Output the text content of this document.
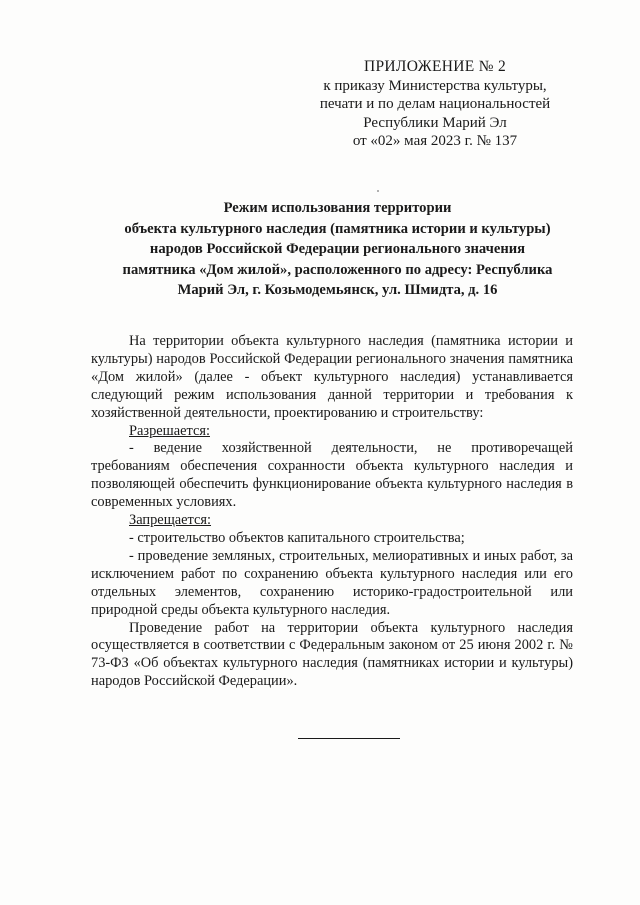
ПРИЛОЖЕНИЕ № 2
к приказу Министерства культуры,
печати и по делам национальностей
Республики Марий Эл
от «02» мая 2023 г. № 137
Режим использования территории
объекта культурного наследия (памятника истории и культуры)
народов Российской Федерации регионального значения
памятника «Дом жилой», расположенного по адресу: Республика
Марий Эл, г. Козьмодемьянск, ул. Шмидта, д. 16

На территории объекта культурного наследия (памятника истории и культуры) народов Российской Федерации регионального значения памятника «Дом жилой» (далее - объект культурного наследия) устанавливается следующий режим использования данной территории и требования к хозяйственной деятельности, проектированию и строительству:

Разрешается:

- ведение хозяйственной деятельности, не противоречащей требованиям обеспечения сохранности объекта культурного наследия и позволяющей обеспечить функционирование объекта культурного наследия в современных условиях.

Запрещается:

- строительство объектов капитального строительства;

- проведение земляных, строительных, мелиоративных и иных работ, за исключением работ по сохранению объекта культурного наследия или его отдельных элементов, сохранению историко-градостроительной или природной среды объекта культурного наследия.

Проведение работ на территории объекта культурного наследия осуществляется в соответствии с Федеральным законом от 25 июня 2002 г. № 73-ФЗ «Об объектах культурного наследия (памятниках истории и культуры) народов Российской Федерации».
